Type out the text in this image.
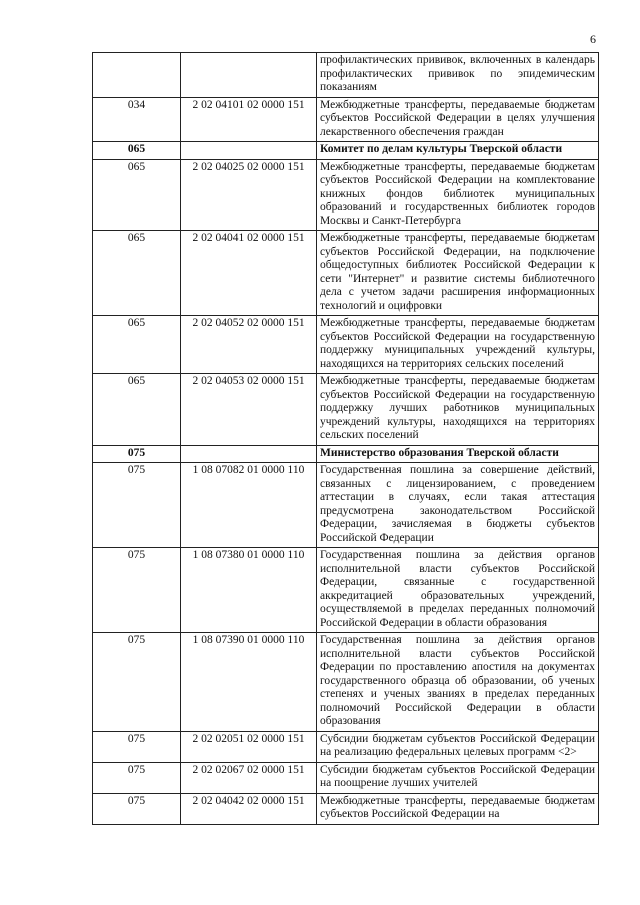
6
		профилактических прививок, включенных в календарь профилактических прививок по эпидемическим показаниям
034	2 02 04101 02 0000 151	Межбюджетные трансферты, передаваемые бюджетам субъектов Российской Федерации в целях улучшения лекарственного обеспечения граждан
065		Комитет по делам культуры Тверской области
065	2 02 04025 02 0000 151	Межбюджетные трансферты, передаваемые бюджетам субъектов Российской Федерации на комплектование книжных фондов библиотек муниципальных образований и государственных библиотек городов Москвы и Санкт-Петербурга
065	2 02 04041 02 0000 151	Межбюджетные трансферты, передаваемые бюджетам субъектов Российской Федерации, на подключение общедоступных библиотек Российской Федерации к сети "Интернет" и развитие системы библиотечного дела с учетом задачи расширения информационных технологий и оцифровки
065	2 02 04052 02 0000 151	Межбюджетные трансферты, передаваемые бюджетам субъектов Российской Федерации на государственную поддержку муниципальных учреждений культуры, находящихся на территориях сельских поселений
065	2 02 04053 02 0000 151	Межбюджетные трансферты, передаваемые бюджетам субъектов Российской Федерации на государственную поддержку лучших работников муниципальных учреждений культуры, находящихся на территориях сельских поселений
075		Министерство образования Тверской области
075	1 08 07082 01 0000 110	Государственная пошлина за совершение действий, связанных с лицензированием, с проведением аттестации в случаях, если такая аттестация предусмотрена законодательством Российской Федерации, зачисляемая в бюджеты субъектов Российской Федерации
075	1 08 07380 01 0000 110	Государственная пошлина за действия органов исполнительной власти субъектов Российской Федерации, связанные с государственной аккредитацией образовательных учреждений, осуществляемой в пределах переданных полномочий Российской Федерации в области образования
075	1 08 07390 01 0000 110	Государственная пошлина за действия органов исполнительной власти субъектов Российской Федерации по проставлению апостиля на документах государственного образца об образовании, об ученых степенях и ученых званиях в пределах переданных полномочий Российской Федерации в области образования
075	2 02 02051 02 0000 151	Субсидии бюджетам субъектов Российской Федерации на реализацию федеральных целевых программ <2>
075	2 02 02067 02 0000 151	Субсидии бюджетам субъектов Российской Федерации на поощрение лучших учителей
075	2 02 04042 02 0000 151	Межбюджетные трансферты, передаваемые бюджетам субъектов Российской Федерации на
